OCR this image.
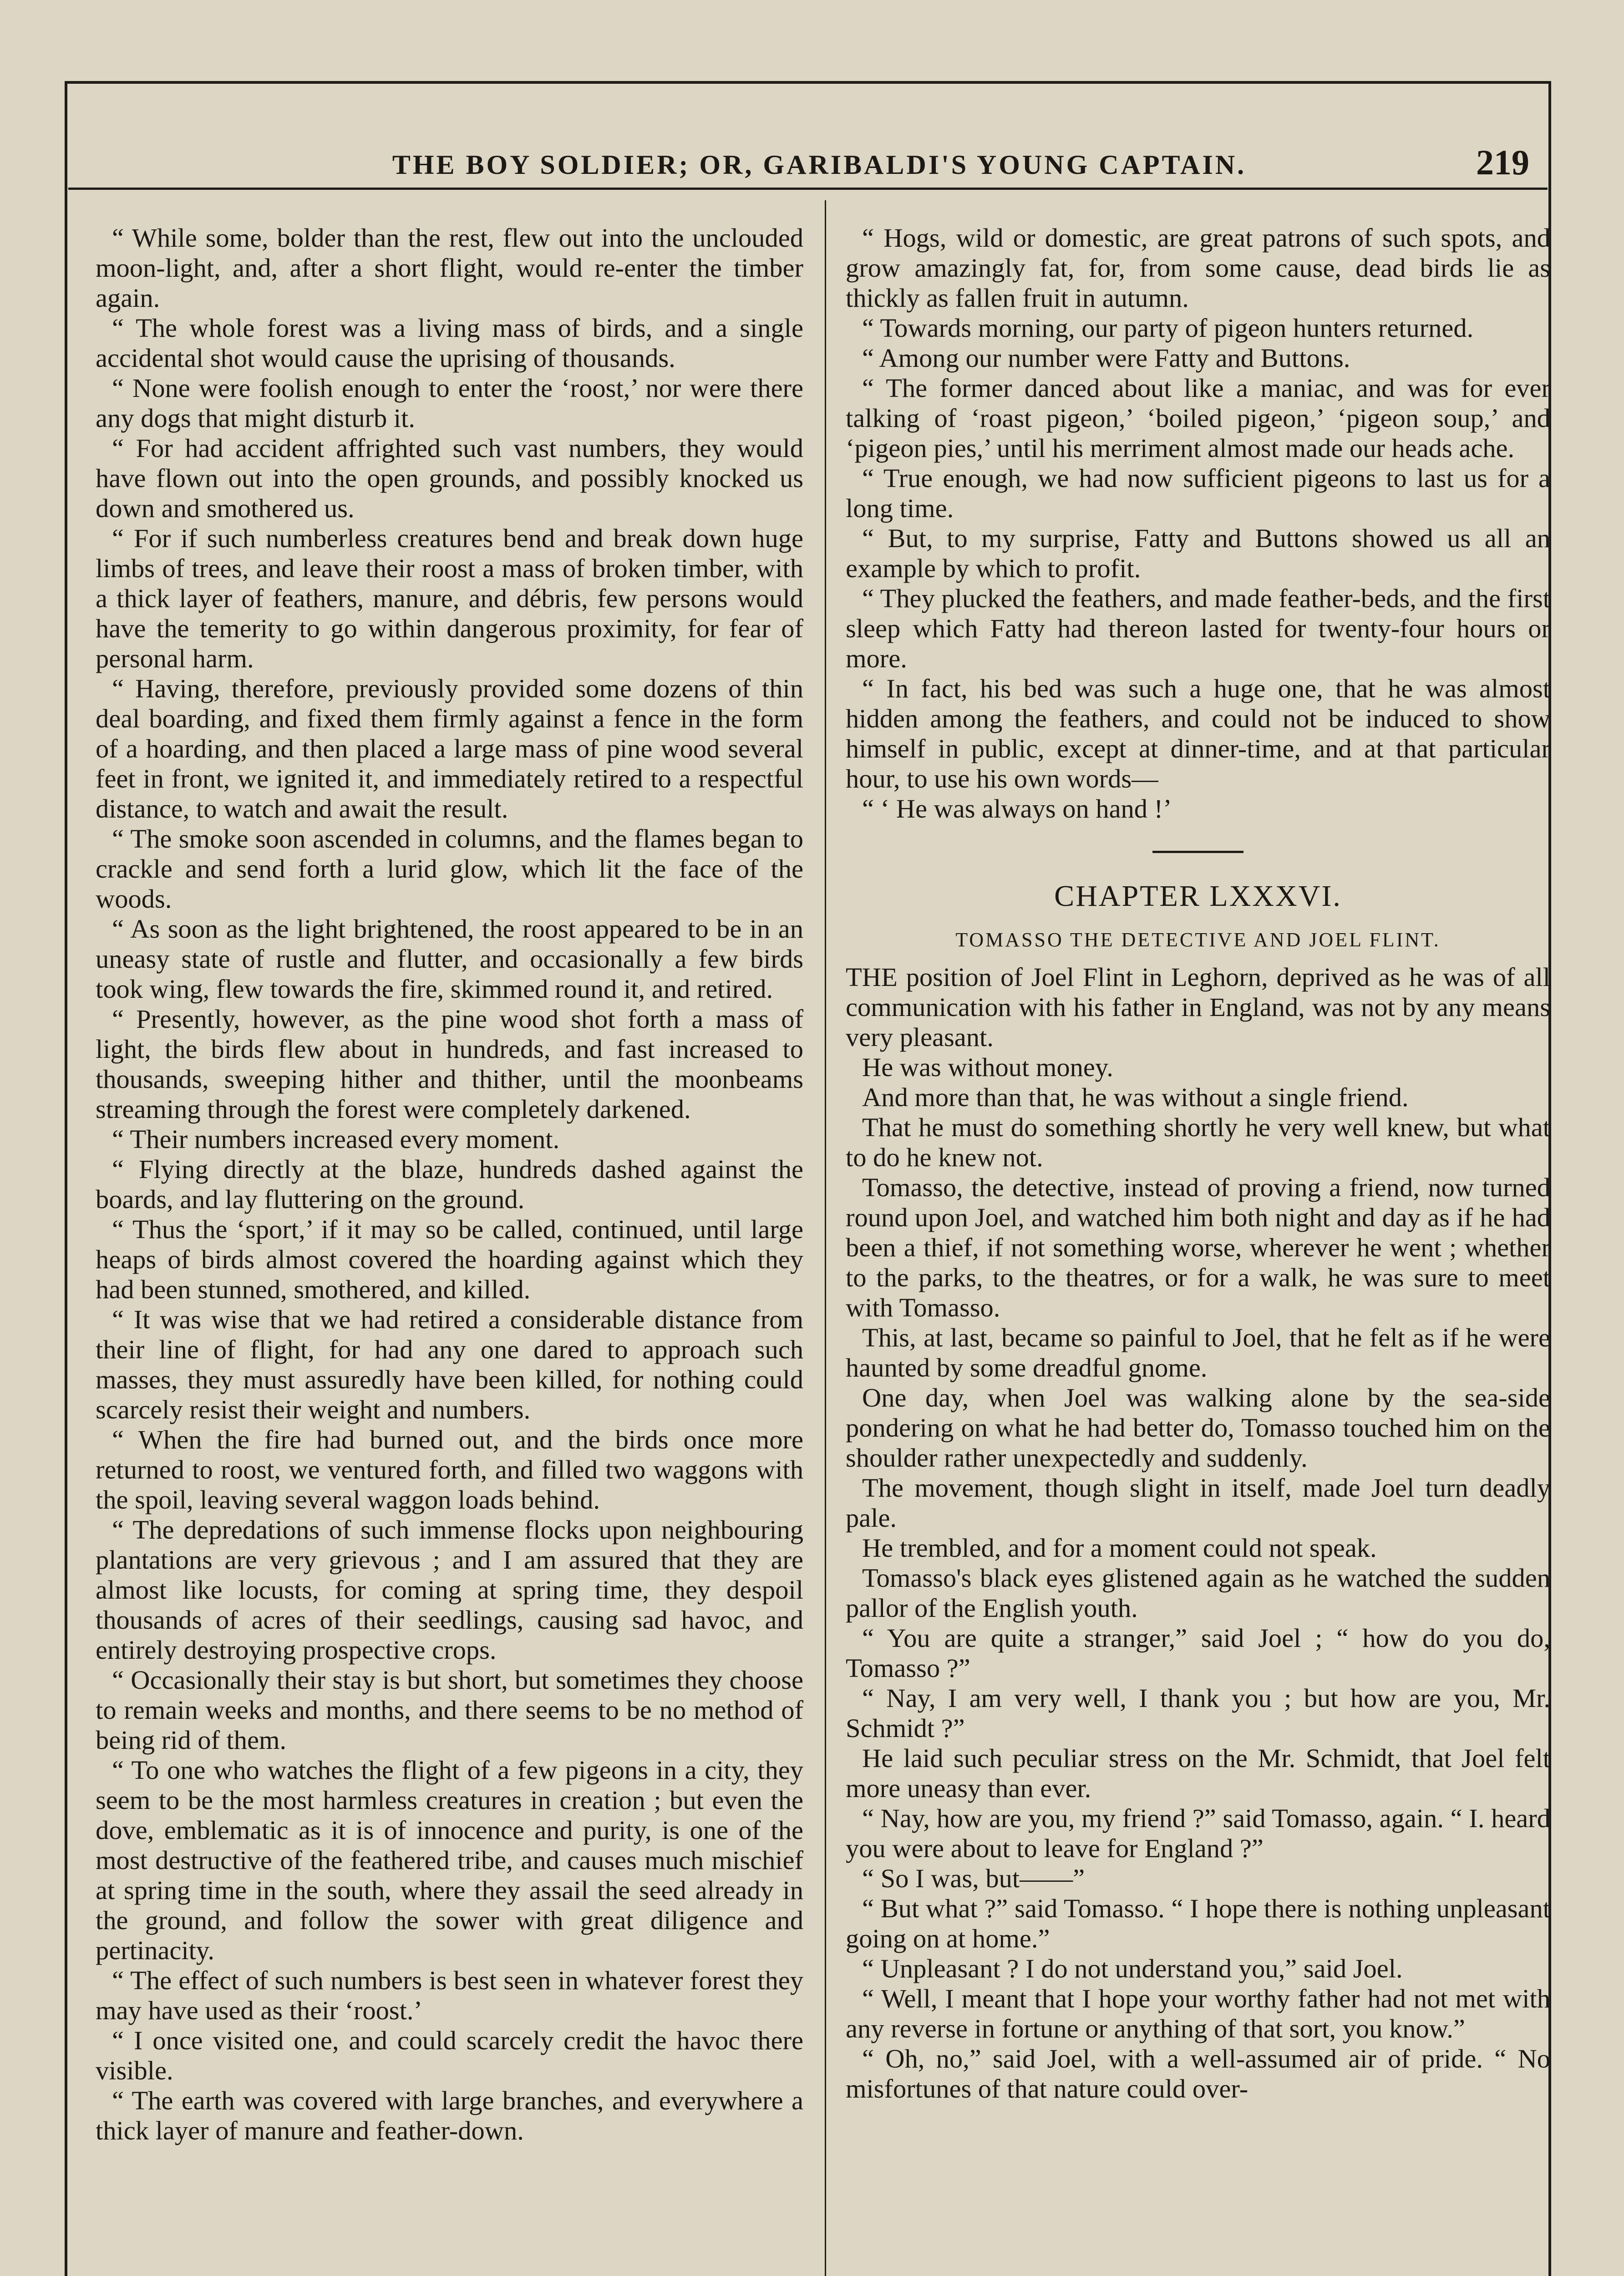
THE BOY SOLDIER; OR, GARIBALDI'S YOUNG CAPTAIN.	219

“ While some, bolder than the rest, flew out into the unclouded moon-light, and, after a short flight, would re-enter the timber again.

“ The whole forest was a living mass of birds, and a single accidental shot would cause the uprising of thousands.

“ None were foolish enough to enter the ‘roost,’ nor were there any dogs that might disturb it.

“ For had accident affrighted such vast numbers, they would have flown out into the open grounds, and possibly knocked us down and smothered us.

“ For if such numberless creatures bend and break down huge limbs of trees, and leave their roost a mass of broken timber, with a thick layer of feathers, manure, and débris, few persons would have the temerity to go within dangerous proximity, for fear of personal harm.

“ Having, therefore, previously provided some dozens of thin deal boarding, and fixed them firmly against a fence in the form of a hoarding, and then placed a large mass of pine wood several feet in front, we ignited it, and immediately retired to a respectful distance, to watch and await the result.

“ The smoke soon ascended in columns, and the flames began to crackle and send forth a lurid glow, which lit the face of the woods.

“ As soon as the light brightened, the roost appeared to be in an uneasy state of rustle and flutter, and occasionally a few birds took wing, flew towards the fire, skimmed round it, and retired.

“ Presently, however, as the pine wood shot forth a mass of light, the birds flew about in hundreds, and fast increased to thousands, sweeping hither and thither, until the moonbeams streaming through the forest were completely darkened.

“ Their numbers increased every moment.

“ Flying directly at the blaze, hundreds dashed against the boards, and lay fluttering on the ground.

“ Thus the ‘sport,’ if it may so be called, continued, until large heaps of birds almost covered the hoarding against which they had been stunned, smothered, and killed.

“ It was wise that we had retired a considerable distance from their line of flight, for had any one dared to approach such masses, they must assuredly have been killed, for nothing could scarcely resist their weight and numbers.

“ When the fire had burned out, and the birds once more returned to roost, we ventured forth, and filled two waggons with the spoil, leaving several waggon loads behind.

“ The depredations of such immense flocks upon neighbouring plantations are very grievous ; and I am assured that they are almost like locusts, for coming at spring time, they despoil thousands of acres of their seedlings, causing sad havoc, and entirely destroying prospective crops.

“ Occasionally their stay is but short, but sometimes they choose to remain weeks and months, and there seems to be no method of being rid of them.

“ To one who watches the flight of a few pigeons in a city, they seem to be the most harmless creatures in creation ; but even the dove, emblematic as it is of innocence and purity, is one of the most destructive of the feathered tribe, and causes much mischief at spring time in the south, where they assail the seed already in the ground, and follow the sower with great diligence and pertinacity.

“ The effect of such numbers is best seen in whatever forest they may have used as their ‘roost.’

“ I once visited one, and could scarcely credit the havoc there visible.

“ The earth was covered with large branches, and everywhere a thick layer of manure and feather-down.

“ Hogs, wild or domestic, are great patrons of such spots, and grow amazingly fat, for, from some cause, dead birds lie as thickly as fallen fruit in autumn.

“ Towards morning, our party of pigeon hunters returned.

“ Among our number were Fatty and Buttons.

“ The former danced about like a maniac, and was for ever talking of ‘roast pigeon,’ ‘boiled pigeon,’ ‘pigeon soup,’ and ‘pigeon pies,’ until his merriment almost made our heads ache.

“ True enough, we had now sufficient pigeons to last us for a long time.

“ But, to my surprise, Fatty and Buttons showed us all an example by which to profit.

“ They plucked the feathers, and made feather-beds, and the first sleep which Fatty had thereon lasted for twenty-four hours or more.

“ In fact, his bed was such a huge one, that he was almost hidden among the feathers, and could not be induced to show himself in public, except at dinner-time, and at that particular hour, to use his own words—

“ ‘ He was always on hand !’

CHAPTER LXXXVI.
TOMASSO THE DETECTIVE AND JOEL FLINT.

THE position of Joel Flint in Leghorn, deprived as he was of all communication with his father in England, was not by any means very pleasant.

He was without money.

And more than that, he was without a single friend.

That he must do something shortly he very well knew, but what to do he knew not.

Tomasso, the detective, instead of proving a friend, now turned round upon Joel, and watched him both night and day as if he had been a thief, if not something worse, wherever he went ; whether to the parks, to the theatres, or for a walk, he was sure to meet with Tomasso.

This, at last, became so painful to Joel, that he felt as if he were haunted by some dreadful gnome.

One day, when Joel was walking alone by the sea-side pondering on what he had better do, Tomasso touched him on the shoulder rather unexpectedly and suddenly.

The movement, though slight in itself, made Joel turn deadly pale.

He trembled, and for a moment could not speak.

Tomasso's black eyes glistened again as he watched the sudden pallor of the English youth.

“ You are quite a stranger,” said Joel ; “ how do you do, Tomasso ?”

“ Nay, I am very well, I thank you ; but how are you, Mr. Schmidt ?”

He laid such peculiar stress on the Mr. Schmidt, that Joel felt more uneasy than ever.

“ Nay, how are you, my friend ?” said Tomasso, again. “ I. heard you were about to leave for England ?”

“ So I was, but——”

“ But what ?” said Tomasso. “ I hope there is nothing unpleasant going on at home.”

“ Unpleasant ? I do not understand you,” said Joel.

“ Well, I meant that I hope your worthy father had not met with any reverse in fortune or anything of that sort, you know.”

“ Oh, no,” said Joel, with a well-assumed air of pride. “ No misfortunes of that nature could over-
